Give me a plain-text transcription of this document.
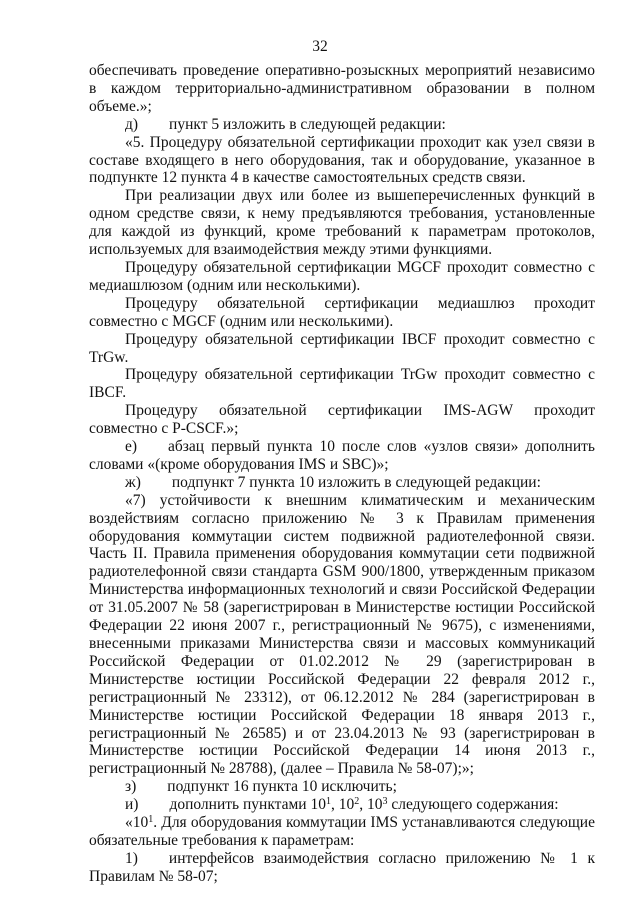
32

обеспечивать проведение оперативно-розыскных мероприятий независимо в каждом территориально-административном образовании в полном объеме.»;

д)  пункт 5 изложить в следующей редакции:

«5. Процедуру обязательной сертификации проходит как узел связи в составе входящего в него оборудования, так и оборудование, указанное в подпункте 12 пункта 4 в качестве самостоятельных средств связи.

При реализации двух или более из вышеперечисленных функций в одном средстве связи, к нему предъявляются требования, установленные для каждой из функций, кроме требований к параметрам протоколов, используемых для взаимодействия между этими функциями.

Процедуру обязательной сертификации MGCF проходит совместно с медиашлюзом (одним или несколькими).

Процедуру обязательной сертификации медиашлюз проходит совместно с MGCF (одним или несколькими).

Процедуру обязательной сертификации IBCF проходит совместно с TrGw.

Процедуру обязательной сертификации TrGw проходит совместно с IBCF.

Процедуру обязательной сертификации IMS-AGW проходит совместно с P-CSCF.»;

е)  абзац первый пункта 10 после слов «узлов связи» дополнить словами «(кроме оборудования IMS и SBC)»;

ж)  подпункт 7 пункта 10 изложить в следующей редакции:

«7) устойчивости к внешним климатическим и механическим воздействиям согласно приложению № 3 к Правилам применения оборудования коммутации систем подвижной радиотелефонной связи. Часть II. Правила применения оборудования коммутации сети подвижной радиотелефонной связи стандарта GSM 900/1800, утвержденным приказом Министерства информационных технологий и связи Российской Федерации от 31.05.2007 № 58 (зарегистрирован в Министерстве юстиции Российской Федерации 22 июня 2007 г., регистрационный № 9675), с изменениями, внесенными приказами Министерства связи и массовых коммуникаций Российской Федерации от 01.02.2012 № 29 (зарегистрирован в Министерстве юстиции Российской Федерации 22 февраля 2012 г., регистрационный № 23312), от 06.12.2012 № 284 (зарегистрирован в Министерстве юстиции Российской Федерации 18 января 2013 г., регистрационный № 26585) и от 23.04.2013 № 93 (зарегистрирован в Министерстве юстиции Российской Федерации 14 июня 2013 г., регистрационный № 28788), (далее – Правила № 58-07);»;

з)  подпункт 16 пункта 10 исключить;

и)  дополнить пунктами $10^1$, $10^2$, $10^3$ следующего содержания:

«$10^1$. Для оборудования коммутации IMS устанавливаются следующие обязательные требования к параметрам:

1)  интерфейсов взаимодействия согласно приложению № 1 к Правилам № 58-07;
